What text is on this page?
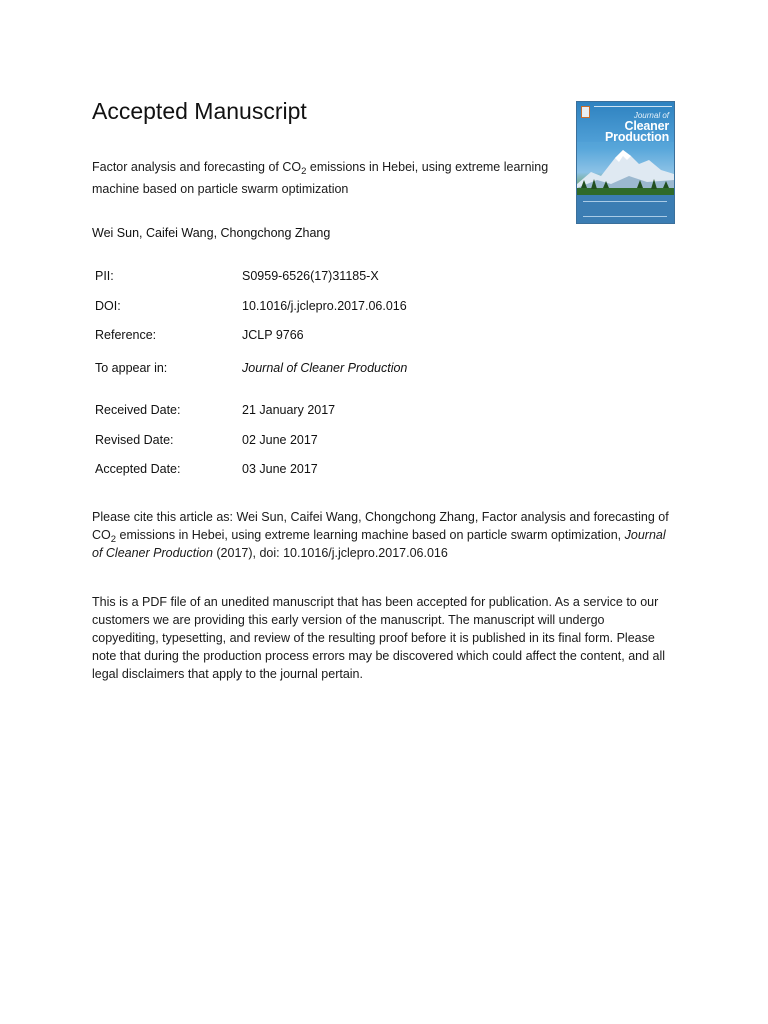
Accepted Manuscript
Factor analysis and forecasting of $CO_2$ emissions in Hebei, using extreme learning machine based on particle swarm optimization
Wei Sun, Caifei Wang, Chongchong Zhang
PII:	S0959-6526(17)31185-X
DOI:	10.1016/j.jclepro.2017.06.016
Reference:	JCLP 9766
To appear in:	Journal of Cleaner Production
Received Date:	21 January 2017
Revised Date:	02 June 2017
Accepted Date:	03 June 2017
Please cite this article as: Wei Sun, Caifei Wang, Chongchong Zhang, Factor analysis and forecasting of $CO_2$ emissions in Hebei, using extreme learning machine based on particle swarm optimization, Journal of Cleaner Production (2017), doi: 10.1016/j.jclepro.2017.06.016
This is a PDF file of an unedited manuscript that has been accepted for publication. As a service to our customers we are providing this early version of the manuscript. The manuscript will undergo copyediting, typesetting, and review of the resulting proof before it is published in its final form. Please note that during the production process errors may be discovered which could affect the content, and all legal disclaimers that apply to the journal pertain.
Journal of
Cleaner
Production
